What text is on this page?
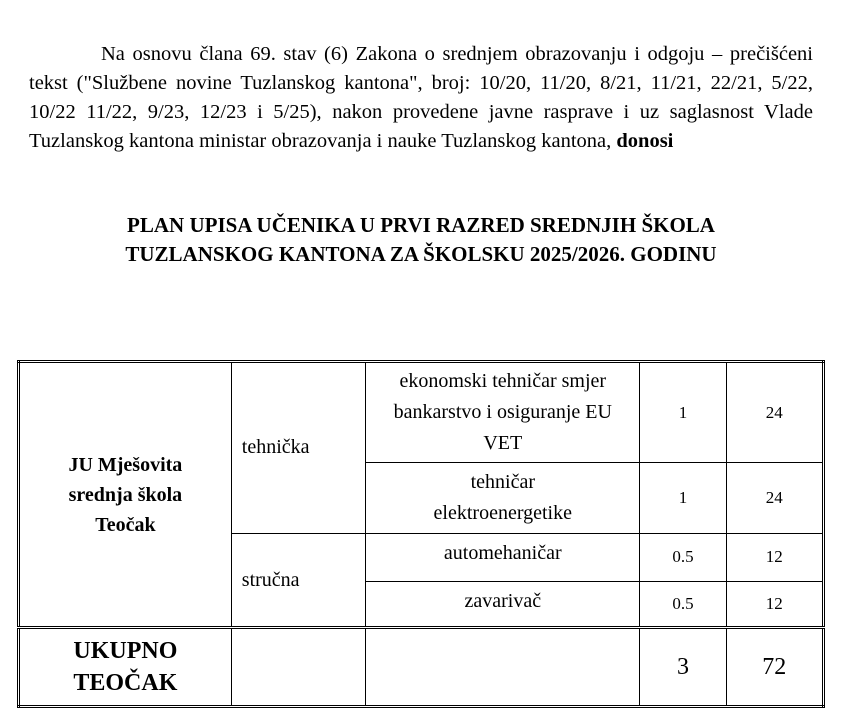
Na osnovu člana 69. stav (6) Zakona o srednjem obrazovanju i odgoju – prečišćeni tekst ("Službene novine Tuzlanskog kantona", broj: 10/20, 11/20, 8/21, 11/21, 22/21, 5/22, 10/22 11/22, 9/23, 12/23 i 5/25), nakon provedene javne rasprave i uz saglasnost Vlade Tuzlanskog kantona ministar obrazovanja i nauke Tuzlanskog kantona, donosi

PLAN UPISA UČENIKA U PRVI RAZRED SREDNJIH ŠKOLA
TUZLANSKOG KANTONA ZA ŠKOLSKU 2025/2026. GODINU
JU Mješovita srednja škola Teočak	tehnička	ekonomski tehničar smjer bankarstvo i osiguranje EU VET	1	24

		tehničar elektroenergetike	1	24
	stručna	automehaničar	0.5	12
		zavarivač	0.5	12

UKUPNO TEOČAK			3	72
